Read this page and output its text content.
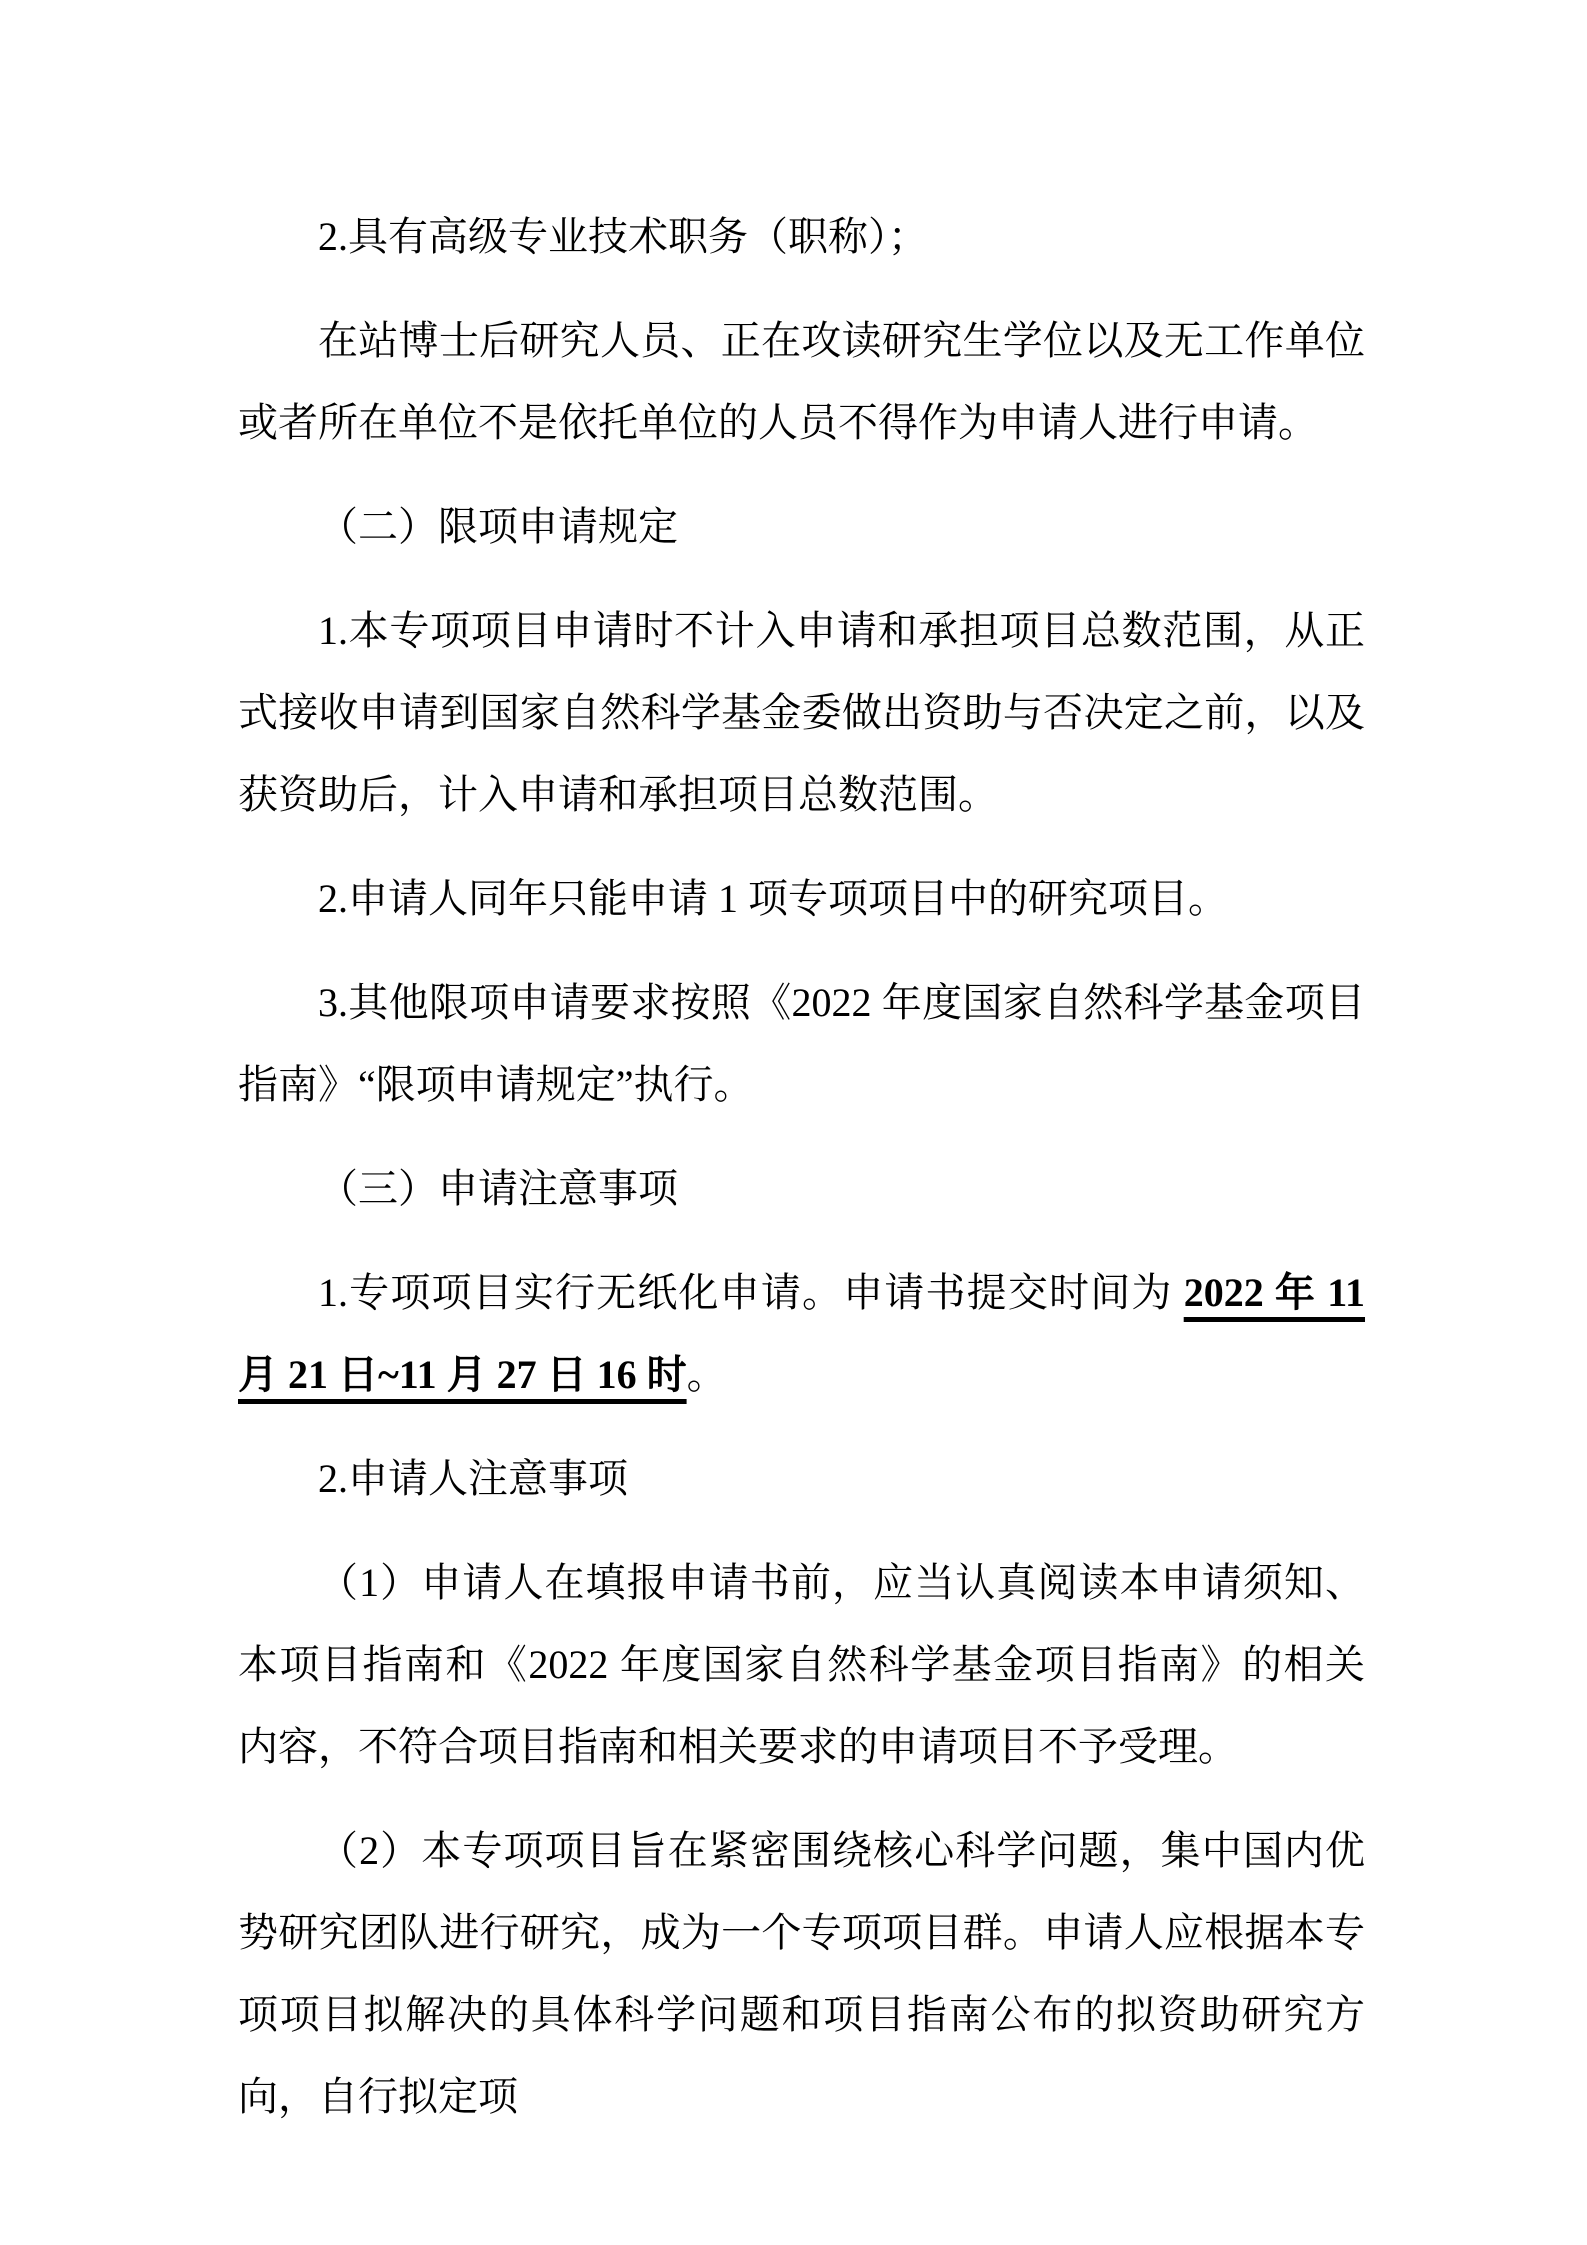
2.具有高级专业技术职务（职称）；

在站博士后研究人员、正在攻读研究生学位以及无工作单位或者所在单位不是依托单位的人员不得作为申请人进行申请。

（二）限项申请规定

1.本专项项目申请时不计入申请和承担项目总数范围，从正式接收申请到国家自然科学基金委做出资助与否决定之前，以及获资助后，计入申请和承担项目总数范围。

2.申请人同年只能申请 1 项专项项目中的研究项目。

3.其他限项申请要求按照《2022 年度国家自然科学基金项目指南》“限项申请规定”执行。

（三）申请注意事项

1.专项项目实行无纸化申请。申请书提交时间为 2022 年 11 月 21 日~11 月 27 日 16 时。

2.申请人注意事项

（1）申请人在填报申请书前，应当认真阅读本申请须知、本项目指南和《2022 年度国家自然科学基金项目指南》的相关内容，不符合项目指南和相关要求的申请项目不予受理。

（2）本专项项目旨在紧密围绕核心科学问题，集中国内优势研究团队进行研究，成为一个专项项目群。申请人应根据本专项项目拟解决的具体科学问题和项目指南公布的拟资助研究方向，自行拟定项
